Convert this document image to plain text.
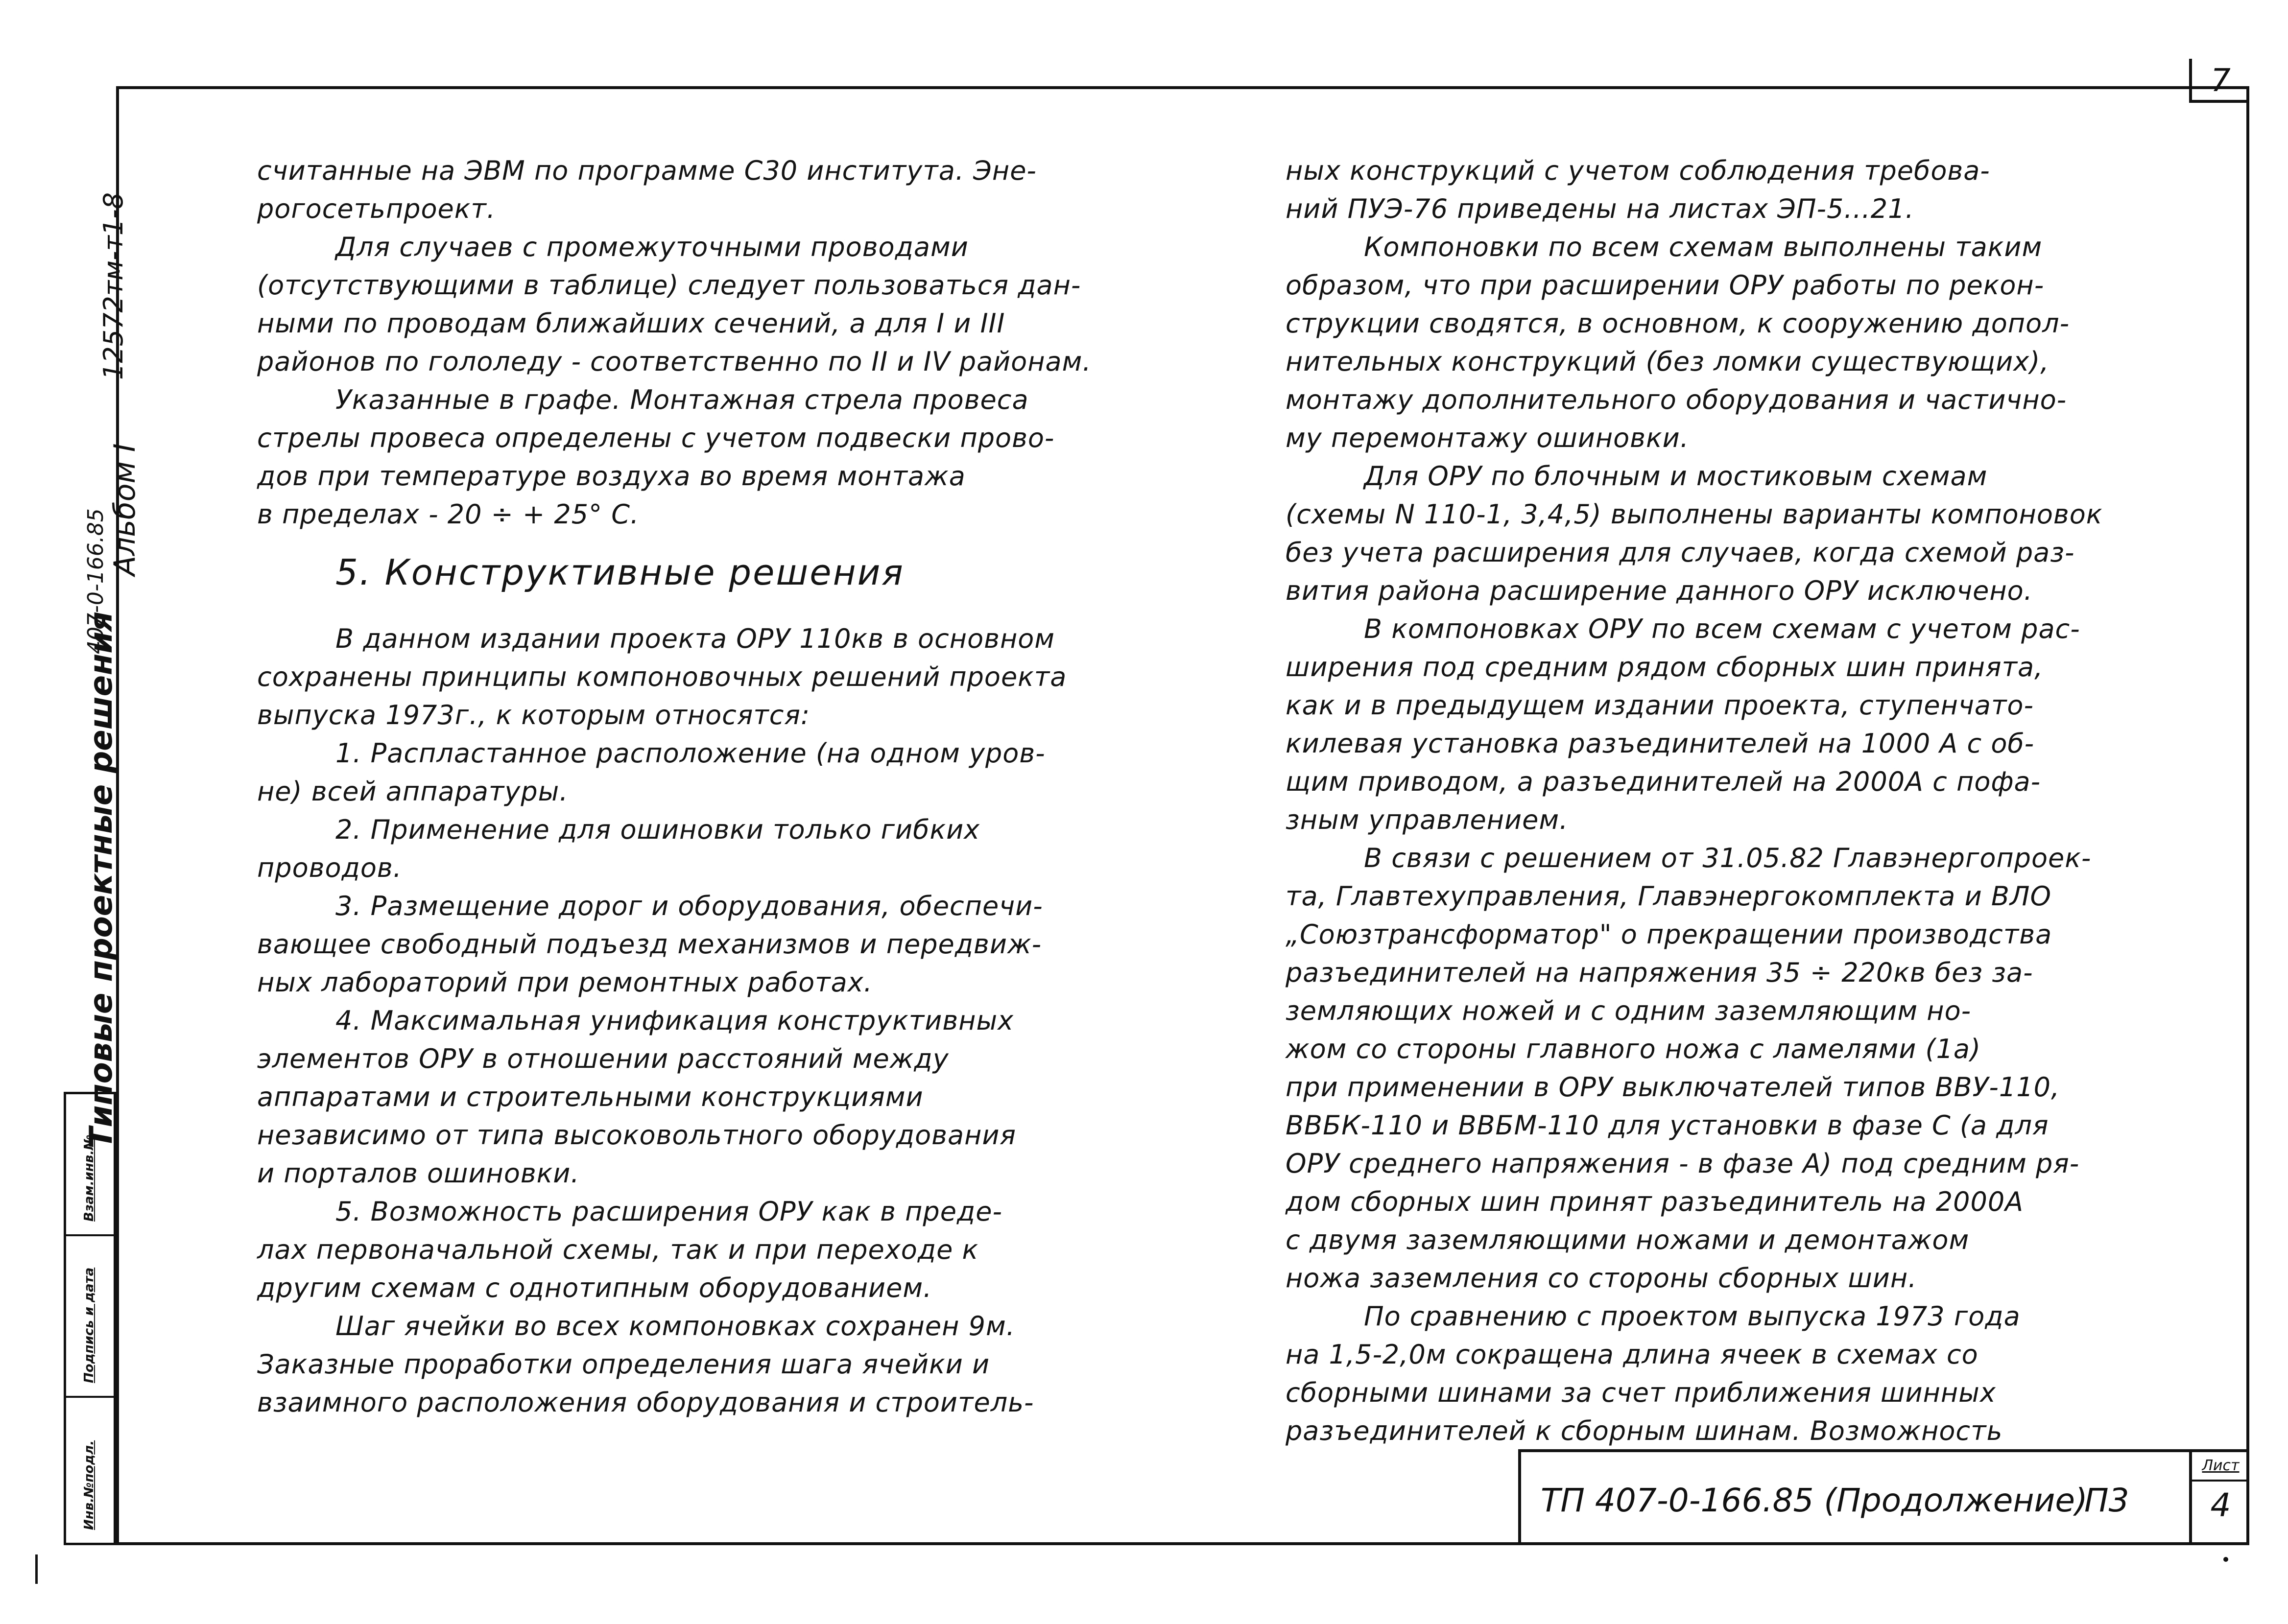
7
Типовые проектные решения
407-0-166.85 Альбом I
12572тм-т1-8
Взам.инв.№
Подпись и дата
Инв.№подл.

считанные на ЭВМ по программе С30 института. Эне-

рогосетьпроект.

Для случаев с промежуточными проводами

(отсутствующими в таблице) следует пользоваться дан-

ными по проводам ближайших сечений, а для I и III

районов по гололеду - соответственно по II и IV районам.

Указанные в графе. Монтажная стрела провеса

стрелы провеса определены с учетом подвески прово-

дов при температуре воздуха во время монтажа

в пределах - 20 ÷ + 25° С.

5. Конструктивные решения

В данном издании проекта ОРУ 110кв в основном

сохранены принципы компоновочных решений проекта

выпуска 1973г., к которым относятся:

1. Распластанное расположение (на одном уров-

не) всей аппаратуры.

2. Применение для ошиновки только гибких

проводов.

3. Размещение дорог и оборудования, обеспечи-

вающее свободный подъезд механизмов и передвиж-

ных лабораторий при ремонтных работах.

4. Максимальная унификация конструктивных

элементов ОРУ в отношении расстояний между

аппаратами и строительными конструкциями

независимо от типа высоковольтного оборудования

и порталов ошиновки.

5. Возможность расширения ОРУ как в преде-

лах первоначальной схемы, так и при переходе к

другим схемам с однотипным оборудованием.

Шаг ячейки во всех компоновках сохранен 9м.

Заказные проработки определения шага ячейки и

взаимного расположения оборудования и строитель-

ных конструкций с учетом соблюдения требова-

ний ПУЭ-76 приведены на листах ЭП-5...21.

Компоновки по всем схемам выполнены таким

образом, что при расширении ОРУ работы по рекон-

струкции сводятся, в основном, к сооружению допол-

нительных конструкций (без ломки существующих),

монтажу дополнительного оборудования и частично-

му перемонтажу ошиновки.

Для ОРУ по блочным и мостиковым схемам

(схемы N 110-1, 3,4,5) выполнены варианты компоновок

без учета расширения для случаев, когда схемой раз-

вития района расширение данного ОРУ исключено.

В компоновках ОРУ по всем схемам с учетом рас-

ширения под средним рядом сборных шин принята,

как и в предыдущем издании проекта, ступенчато-

килевая установка разъединителей на 1000 А с об-

щим приводом, а разъединителей на 2000А с пофа-

зным управлением.

В связи с решением от 31.05.82 Главэнергопроек-

та, Главтехуправления, Главэнергокомплекта и ВЛО

„Союзтрансформатор" о прекращении производства

разъединителей на напряжения 35 ÷ 220кв без за-

земляющих ножей и с одним заземляющим но-

жом со стороны главного ножа с ламелями (1а)

при применении в ОРУ выключателей типов ВВУ-110,

ВВБК-110 и ВВБМ-110 для установки в фазе С (а для

ОРУ среднего напряжения - в фазе А) под средним ря-

дом сборных шин принят разъединитель на 2000А

с двумя заземляющими ножами и демонтажом

ножа заземления со стороны сборных шин.

По сравнению с проектом выпуска 1973 года

на 1,5-2,0м сокращена длина ячеек в схемах со

сборными шинами за счет приближения шинных

разъединителей к сборным шинам. Возможность

ТП 407-0-166.85 (Продолжение)
П3
Лист
4
